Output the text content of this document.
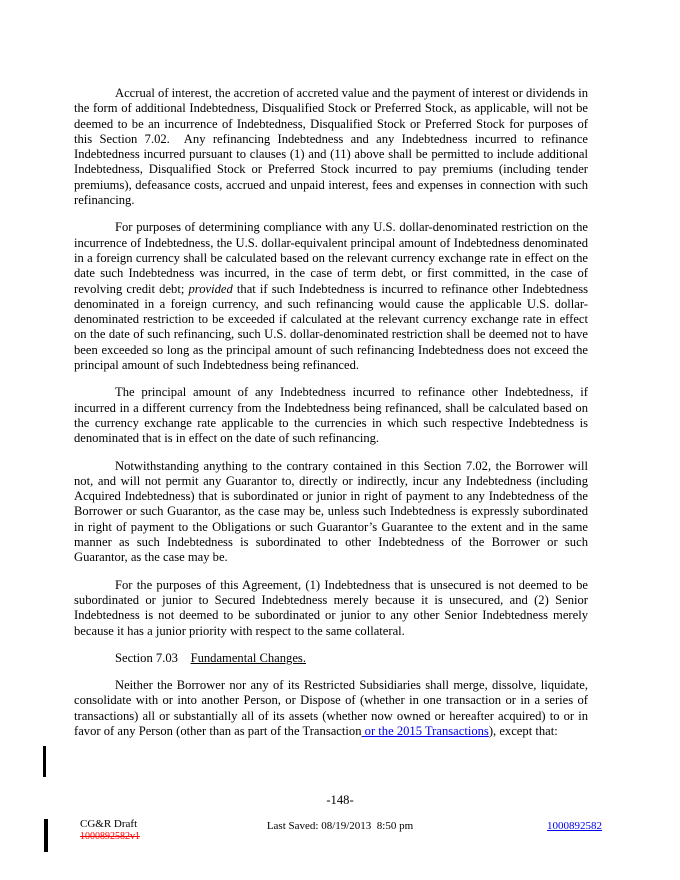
Accrual of interest, the accretion of accreted value and the payment of interest or dividends in the form of additional Indebtedness, Disqualified Stock or Preferred Stock, as applicable, will not be deemed to be an incurrence of Indebtedness, Disqualified Stock or Preferred Stock for purposes of this Section 7.02.  Any refinancing Indebtedness and any Indebtedness incurred to refinance Indebtedness incurred pursuant to clauses (1) and (11) above shall be permitted to include additional Indebtedness, Disqualified Stock or Preferred Stock incurred to pay premiums (including tender premiums), defeasance costs, accrued and unpaid interest, fees and expenses in connection with such refinancing.

For purposes of determining compliance with any U.S. dollar-denominated restriction on the incurrence of Indebtedness, the U.S. dollar-equivalent principal amount of Indebtedness denominated in a foreign currency shall be calculated based on the relevant currency exchange rate in effect on the date such Indebtedness was incurred, in the case of term debt, or first committed, in the case of revolving credit debt; provided that if such Indebtedness is incurred to refinance other Indebtedness denominated in a foreign currency, and such refinancing would cause the applicable U.S. dollar-denominated restriction to be exceeded if calculated at the relevant currency exchange rate in effect on the date of such refinancing, such U.S. dollar-denominated restriction shall be deemed not to have been exceeded so long as the principal amount of such refinancing Indebtedness does not exceed the principal amount of such Indebtedness being refinanced.

The principal amount of any Indebtedness incurred to refinance other Indebtedness, if incurred in a different currency from the Indebtedness being refinanced, shall be calculated based on the currency exchange rate applicable to the currencies in which such respective Indebtedness is denominated that is in effect on the date of such refinancing.

Notwithstanding anything to the contrary contained in this Section 7.02, the Borrower will not, and will not permit any Guarantor to, directly or indirectly, incur any Indebtedness (including Acquired Indebtedness) that is subordinated or junior in right of payment to any Indebtedness of the Borrower or such Guarantor, as the case may be, unless such Indebtedness is expressly subordinated in right of payment to the Obligations or such Guarantor’s Guarantee to the extent and in the same manner as such Indebtedness is subordinated to other Indebtedness of the Borrower or such Guarantor, as the case may be.

For the purposes of this Agreement, (1) Indebtedness that is unsecured is not deemed to be subordinated or junior to Secured Indebtedness merely because it is unsecured, and (2) Senior Indebtedness is not deemed to be subordinated or junior to any other Senior Indebtedness merely because it has a junior priority with respect to the same collateral.

Section 7.03    Fundamental Changes.

Neither the Borrower nor any of its Restricted Subsidiaries shall merge, dissolve, liquidate, consolidate with or into another Person, or Dispose of (whether in one transaction or in a series of transactions) all or substantially all of its assets (whether now owned or hereafter acquired) to or in favor of any Person (other than as part of the Transaction or the 2015 Transactions), except that:

-148-
CG&R Draft
1000892582v1
Last Saved: 08/19/2013  8:50 pm	1000892582
